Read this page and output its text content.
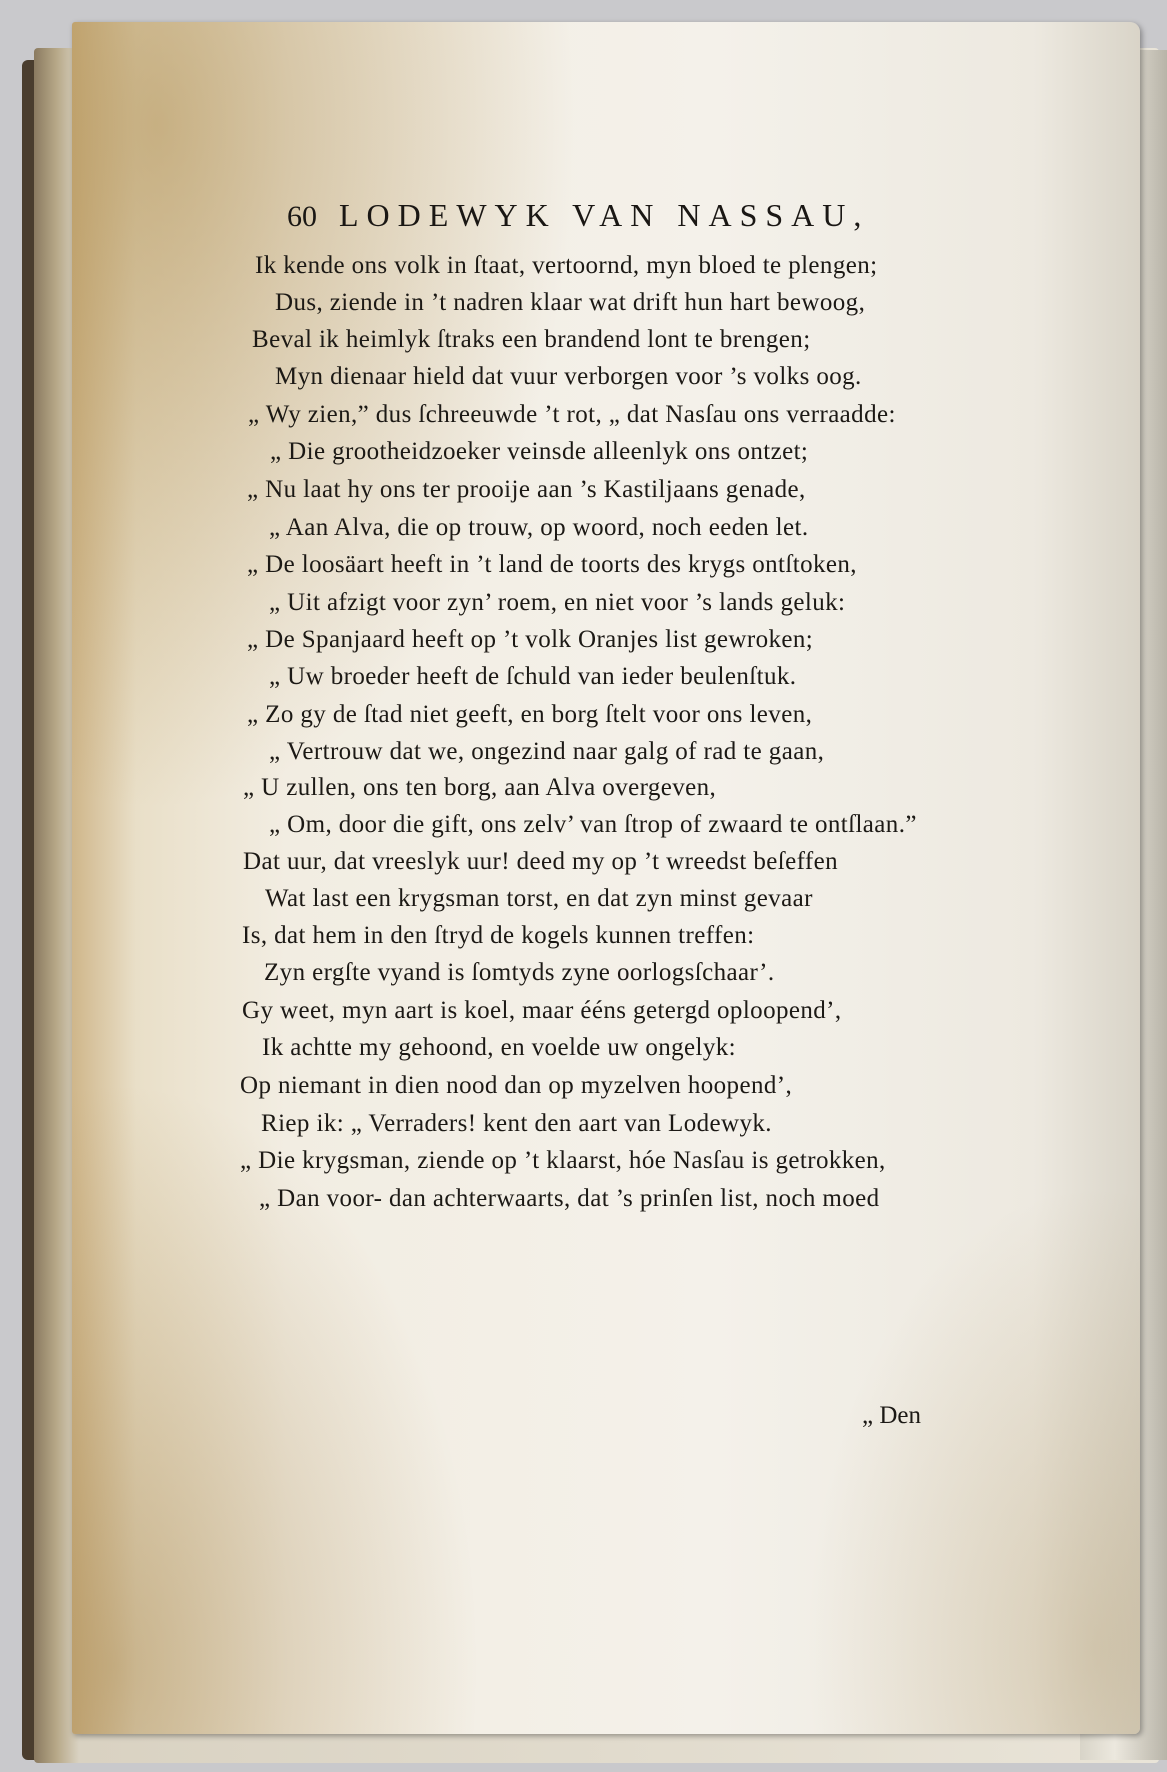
60 LODEWYK VAN NASSAU,
Ik kende ons volk in ſtaat, vertoornd, myn bloed te plengen;
Dus, ziende in ’t nadren klaar wat drift hun hart bewoog,
Beval ik heimlyk ſtraks een brandend lont te brengen;
Myn dienaar hield dat vuur verborgen voor ’s volks oog.
„ Wy zien,” dus ſchreeuwde ’t rot, „ dat Nasſau ons verraadde:
„ Die grootheidzoeker veinsde alleenlyk ons ontzet;
„ Nu laat hy ons ter prooije aan ’s Kastiljaans genade,
„ Aan Alva, die op trouw, op woord, noch eeden let.
„ De loosäart heeft in ’t land de toorts des krygs ontſtoken,
„ Uit afzigt voor zyn’ roem, en niet voor ’s lands geluk:
„ De Spanjaard heeft op ’t volk Oranjes list gewroken;
„ Uw broeder heeft de ſchuld van ieder beulenſtuk.
„ Zo gy de ſtad niet geeft, en borg ſtelt voor ons leven,
„ Vertrouw dat we, ongezind naar galg of rad te gaan,
„ U zullen, ons ten borg, aan Alva overgeven,
„ Om, door die gift, ons zelv’ van ſtrop of zwaard te ontſlaan.”
Dat uur, dat vreeslyk uur! deed my op ’t wreedst beſeffen
Wat last een krygsman torst, en dat zyn minst gevaar
Is, dat hem in den ſtryd de kogels kunnen treffen:
Zyn ergſte vyand is ſomtyds zyne oorlogsſchaar’.
Gy weet, myn aart is koel, maar ééns getergd oploopend’,
Ik achtte my gehoond, en voelde uw ongelyk:
Op niemant in dien nood dan op myzelven hoopend’,
Riep ik: „ Verraders! kent den aart van Lodewyk.
„ Die krygsman, ziende op ’t klaarst, hóe Nasſau is getrokken,
„ Dan voor- dan achterwaarts, dat ’s prinſen list, noch moed
„ Den
